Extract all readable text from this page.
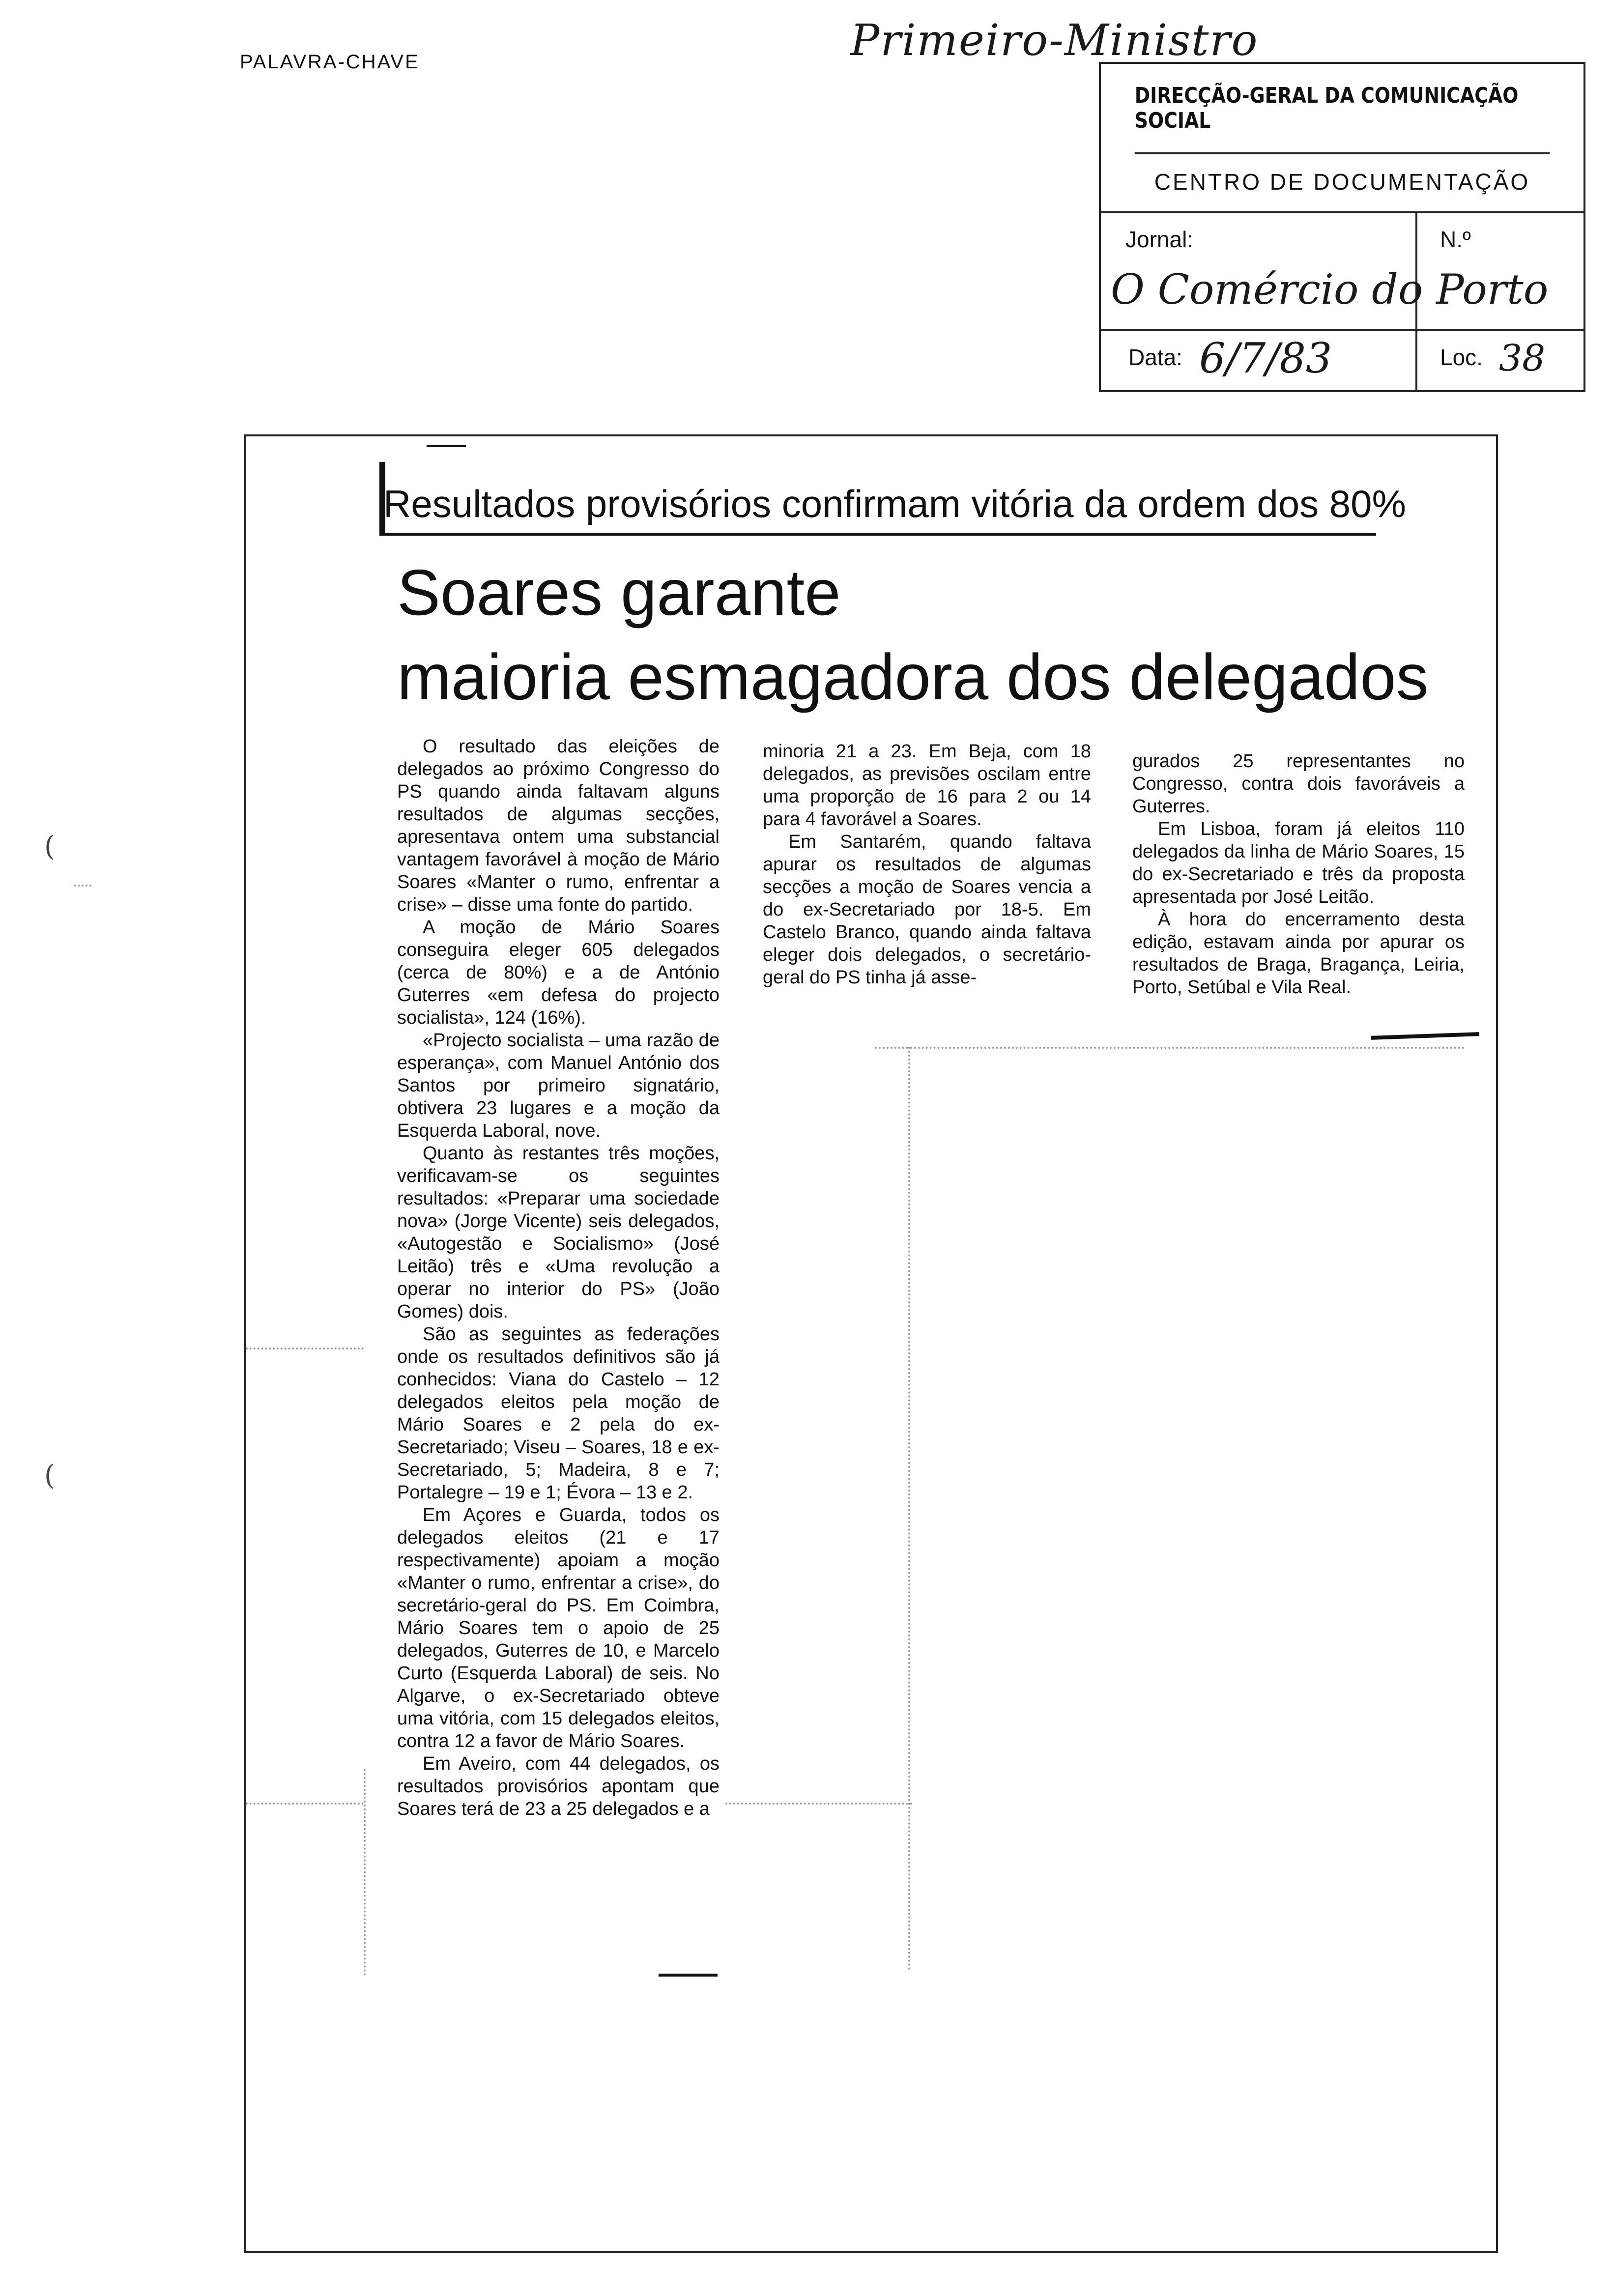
PALAVRA-CHAVE	Primeiro-Ministro
DIRECÇÃO-GERAL DA COMUNICAÇÃO SOCIAL
CENTRO DE DOCUMENTAÇÃO
Jornal:
O Comércio do Porto
N.º
Data: 6/7/83	Loc. 38
Resultados provisórios confirmam vitória da ordem dos 80%
Soares garante
maioria esmagadora dos delegados

O resultado das eleições de delegados ao próximo Congresso do PS quando ainda faltavam alguns resultados de algumas secções, apresentava ontem uma substancial vantagem favorável à moção de Mário Soares «Manter o rumo, enfrentar a crise» – disse uma fonte do partido.

A moção de Mário Soares conseguira eleger 605 delegados (cerca de 80%) e a de António Guterres «em defesa do projecto socialista», 124 (16%).

«Projecto socialista – uma razão de esperança», com Manuel António dos Santos por primeiro signatário, obtivera 23 lugares e a moção da Esquerda Laboral, nove.

Quanto às restantes três moções, verificavam-se os seguintes resultados: «Preparar uma sociedade nova» (Jorge Vicente) seis delegados, «Autogestão e Socialismo» (José Leitão) três e «Uma revolução a operar no interior do PS» (João Gomes) dois.

São as seguintes as federações onde os resultados definitivos são já conhecidos: Viana do Castelo – 12 delegados eleitos pela moção de Mário Soares e 2 pela do ex-Secretariado; Viseu – Soares, 18 e ex-Secretariado, 5; Madeira, 8 e 7; Portalegre – 19 e 1; Évora – 13 e 2.

Em Açores e Guarda, todos os delegados eleitos (21 e 17 respectivamente) apoiam a moção «Manter o rumo, enfrentar a crise», do secretário-geral do PS. Em Coimbra, Mário Soares tem o apoio de 25 delegados, Guterres de 10, e Marcelo Curto (Esquerda Laboral) de seis. No Algarve, o ex-Secretariado obteve uma vitória, com 15 delegados eleitos, contra 12 a favor de Mário Soares.

Em Aveiro, com 44 delegados, os resultados provisórios apontam que Soares terá de 23 a 25 delegados e a

minoria 21 a 23. Em Beja, com 18 delegados, as previsões oscilam entre uma proporção de 16 para 2 ou 14 para 4 favorável a Soares.

Em Santarém, quando faltava apurar os resultados de algumas secções a moção de Soares vencia a do ex-Secretariado por 18-5. Em Castelo Branco, quando ainda faltava eleger dois delegados, o secretário-geral do PS tinha já asse-

gurados 25 representantes no Congresso, contra dois favoráveis a Guterres.

Em Lisboa, foram já eleitos 110 delegados da linha de Mário Soares, 15 do ex-Secretariado e três da proposta apresentada por José Leitão.

À hora do encerramento desta edição, estavam ainda por apurar os resultados de Braga, Bragança, Leiria, Porto, Setúbal e Vila Real.

(
(
